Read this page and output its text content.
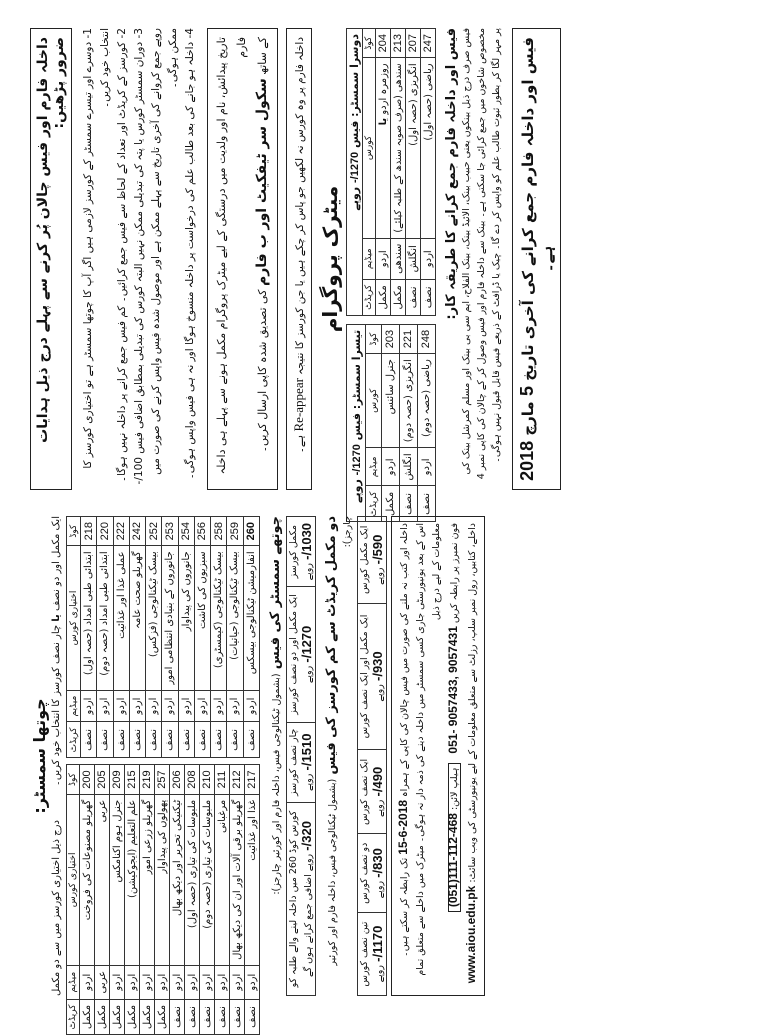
داخلہ فارم اور فیس چالان پُر کرنے سے پہلے درج ذیل ہدایات ضرور پڑھیں:
1- دوسرے اور تیسرے سمسٹر کے کورسز لازمی ہیں اگر آپ کا چوتھا سمسٹر ہے تو اختیاری کورسز کا انتخاب خود کریں۔ 2- کورسز کے کریڈٹ اور تعداد کے لحاظ سے فیس جمع کرائیں۔ کم فیس جمع کرانے پر داخلہ نہیں ہوگا۔
3- دوران سمسٹر کورس یا پتہ کی تبدیلی ممکن نہیں البتہ کورس کی تبدیلی بمطابق اضافی فیس 100/- روپے جمع کروانے کی آخری تاریخ سے پہلے ممکن ہے اور موصول شدہ فیس واپس کرنے کی صورت میں ممکن ہوگی۔ 4- داخلہ ہو جانے کی بعد طالب علم کی درخواست پر داخلہ منسوخ ہوگا اور نہ ہی فیس واپس ہوگی۔ تاریخ پیدائش، نام اور ولدیت میں درستگی کے لیے میٹرک پروگرام مکمل ہونے سے پہلے ہی داخلہ فارم کے ساتھ سکول سر ٹیفکیٹ اور ب فارم کی تصدیق شدہ کاپی ارسال کریں۔	داخلہ فارم پر وہ کورس نہ لکھیں جو پاس کر چکے ہیں یا جن کورسز کا نتیجہ Re-appear ہے۔
میٹرک پروگرام
دوسرا سمسٹر: فیس -/1270 روپے			
کوڈ	کورس	میڈیم	کریڈٹ
204	روزمرہ اردو یا	اردو	مکمل
213	سندھی (صرف صوبہ سندھ کے طلبہ کیلئے)	سندھی	مکمل
207	انگریزی (حصہ اول)	انگلش	نصف
247	ریاضی (حصہ اول)	اردو	نصف
تیسرا سمسٹر: فیس -/1270 روپے			
کوڈ	کورس	میڈیم	کریڈٹ
203	جنرل سائنس	اردو	مکمل
221	انگریزی (حصہ دوم)	انگلش	نصف
248	ریاضی (حصہ دوم)	اردو	نصف
فیس اور داخلہ فارم جمع کرانے کا طریقہ کار: فیس صرف درج ذیل بینکوں یعنی حبیب بینک، الائیڈ بینک، بینک الفلاح، ایم سی بی بینک اور مسلم کمرشل بینک کی مخصوص شاخوں میں جمع کرائی جا سکتی ہے۔ بینک سے داخلہ فارم اور فیس وصول کر کے چالان کی کاپی نمبر 4 پر مہر لگا کر بطور ثبوت طالب علم کو واپس کر دے گا۔ چیک یا ڈرافٹ کے ذریعے فیس قابل قبول نہیں ہوگی۔	فیس اور داخلہ فارم جمع کرانے کی آخری تاریخ 5 مارچ 2018 ہے۔
چوتھا سمسٹر:
ایک مکمل اور دو نصف یا چار نصف کورسز کا انتخاب خود کریں۔
درج ذیل اختیاری کورسز میں سے دو مکمل
کوڈ	اختیاری کورس	میڈیم	کریڈٹ
218	ابتدائی طبی امداد (حصہ اول)	اردو	نصف
220	ابتدائی طبی امداد (حصہ دوم)	اردو	نصف
222	عملی غذا اور غذائیت	اردو	نصف
242	گھریلو صحت عامہ	اردو	نصف
252	بیسک ٹیکنالوجی (فزکس)	اردو	نصف
253	جانوروں کے بنیادی انتظامی امور	اردو	نصف
254	جانوروں کی پیداوار	اردو	نصف
256	سبزیوں کی کاشت	اردو	نصف
258	بیسک ٹیکنالوجی (کیمسٹری)	اردو	نصف
259	بیسک ٹیکنالوجی (حیاتیات)	اردو	نصف
260	انفارمیشن ٹیکنالوجی بیسکس	اردو	نصف
کوڈ	اختیاری کورس	میڈیم	کریڈٹ
200	گھریلو مصنوعات کی فروخت	اردو	مکمل
205	عربی	عربی	مکمل
209	جنرل ہوم اکنامکس	اردو	مکمل
215	علم التعلیم (ایجوکیشن)	اردو	مکمل
219	گھریلو زرعی امور	اردو	مکمل
257	پھولوں کی پیداوار	اردو	مکمل
206	ٹیکنیکی تحریر اور دیکھ بھال	اردو	نصف
208	ملبوسات کی تیاری (حصہ اول)	اردو	نصف
210	ملبوسات کی تیاری (حصہ دوم)	اردو	نصف
211	مرغبانی	اردو	نصف
212	گھریلو برقی آلات اور ان کی دیکھ بھال	اردو	نصف
217	غذا اور غذائیت	اردو	نصف
چوتھے سمسٹر کی فیس (بشمول ٹیکنالوجی فیس، داخلہ فارم اور کورئیر چارجز):
مکمل کورسز -/1030 روپے	
ایک مکمل اور دو نصف کورسز -/1270 روپے	
چار نصف کورسز -/1510 روپے	
کورس کوڈ 260 میں داخلہ لینے والے طلبہ کو -/320 روپے اضافی جمع کرانے ہوں گے
دو مکمل کریڈٹ سے کم کورسز کی فیس (بشمول ٹیکنالوجی فیس، داخلہ فارم اور کورئیر چارجز): ایک مکمل کورس -/590 روپے	
ایک مکمل اور ایک نصف کورس -/930 روپے	
ایک نصف کورس -/490 روپے	
دو نصف کورس -/830 روپے	
تین نصف کورس -/1170 روپے
داخلہ اور کتب نہ ملنے کی صورت میں فیس چالان کی کاپی کے ہمراہ 15-6-2018 تک رابطہ کر سکتے ہیں۔ اس کے بعد یونیورسٹی جاری کسی سمسٹر میں داخلہ دینے کی ذمہ دار نہ ہوگی۔ میٹرک میں داخلے سے متعلق تمام معلومات کے لیے درج ذیل فون نمبرز پر رابطہ کریں 051- 9057433, 9057431 ہیلپ لائن: (051)111-112-468 داخلے، کتابیں، رول نمبر سلپ، رزلٹ سے متعلق معلومات کے لیے یونیورسٹی کی ویب سائٹ: www.aiou.edu.pk
